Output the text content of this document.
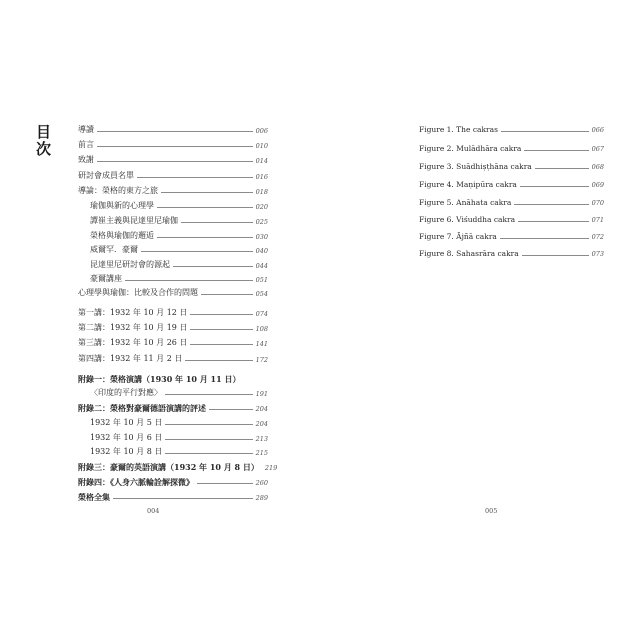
目次	導讀	006
前言	010
致謝	014
研討會成員名單	016
導論：榮格的東方之旅	018
瑜伽與新的心理學	020
譚崔主義與昆達里尼瑜伽	025
榮格與瑜伽的邂逅	030
威爾罕．豪爾	040
昆達里尼研討會的源起	044
豪爾講座	051
心理學與瑜伽：比較及合作的問題	054
第一講：1932 年 10 月 12 日	074
第二講：1932 年 10 月 19 日	108
第三講：1932 年 10 月 26 日	141
第四講：1932 年 11 月 2 日	172
附錄一：榮格演講（1930 年 10 月 11 日）
〈印度的平行對應〉	191
附錄二：榮格對豪爾德語演講的評述	204
1932 年 10 月 5 日	204
1932 年 10 月 6 日	213
1932 年 10 月 8 日	215
附錄三：豪爾的英語演講（1932 年 10 月 8 日） 219
附錄四：《人身六脈輪詮解探微》	260
榮格全集	289
004
Figure 1. The cakras	066
Figure 2. Mulādhāra cakra	067
Figure 3. Suādhiṣṭhāna cakra	068
Figure 4. Maṇipūra cakra	069
Figure 5. Anāhata cakra	070
Figure 6. Viśuddha cakra	071
Figure 7. Ājñā cakra	072
Figure 8. Sahasrāra cakra	073
005
